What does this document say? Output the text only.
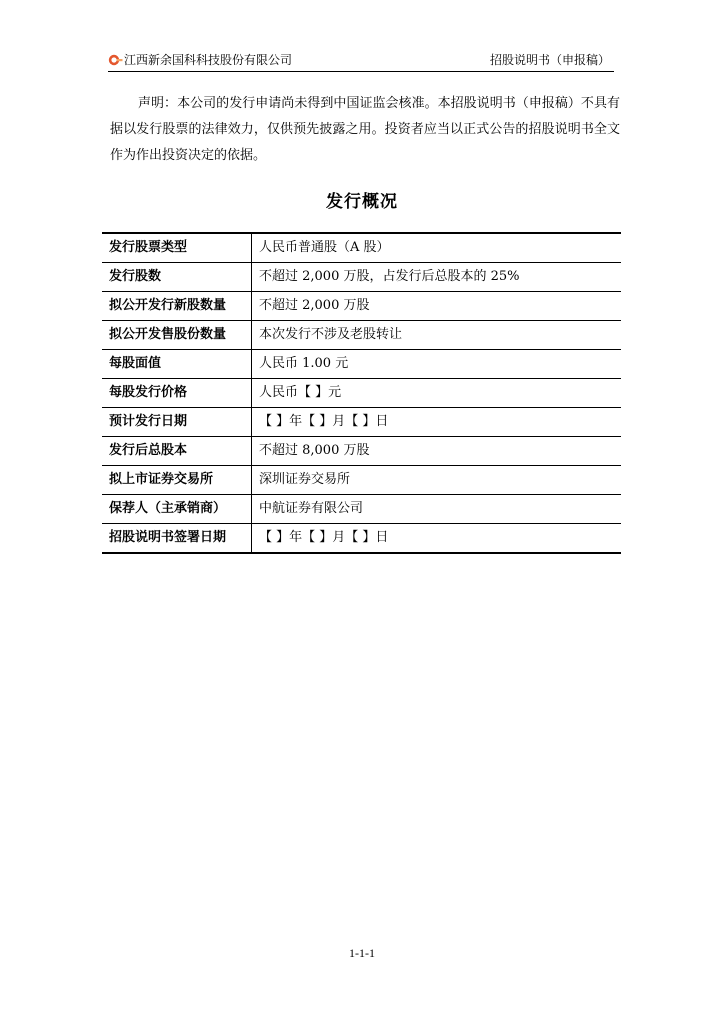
江西新余国科科技股份有限公司	招股说明书（申报稿）

声明：本公司的发行申请尚未得到中国证监会核准。本招股说明书（申报稿）不具有据以发行股票的法律效力，仅供预先披露之用。投资者应当以正式公告的招股说明书全文作为作出投资决定的依据。

发行概况
发行股票类型	人民币普通股（A 股）
发行股数	不超过 2,000 万股，占发行后总股本的 25%
拟公开发行新股数量	不超过 2,000 万股
拟公开发售股份数量	本次发行不涉及老股转让
每股面值	人民币 1.00 元
每股发行价格	人民币【 】元
预计发行日期	【 】年【 】月【 】日
发行后总股本	不超过 8,000 万股
拟上市证券交易所	深圳证券交易所
保荐人（主承销商）	中航证券有限公司
招股说明书签署日期	【 】年【 】月【 】日
1-1-1
